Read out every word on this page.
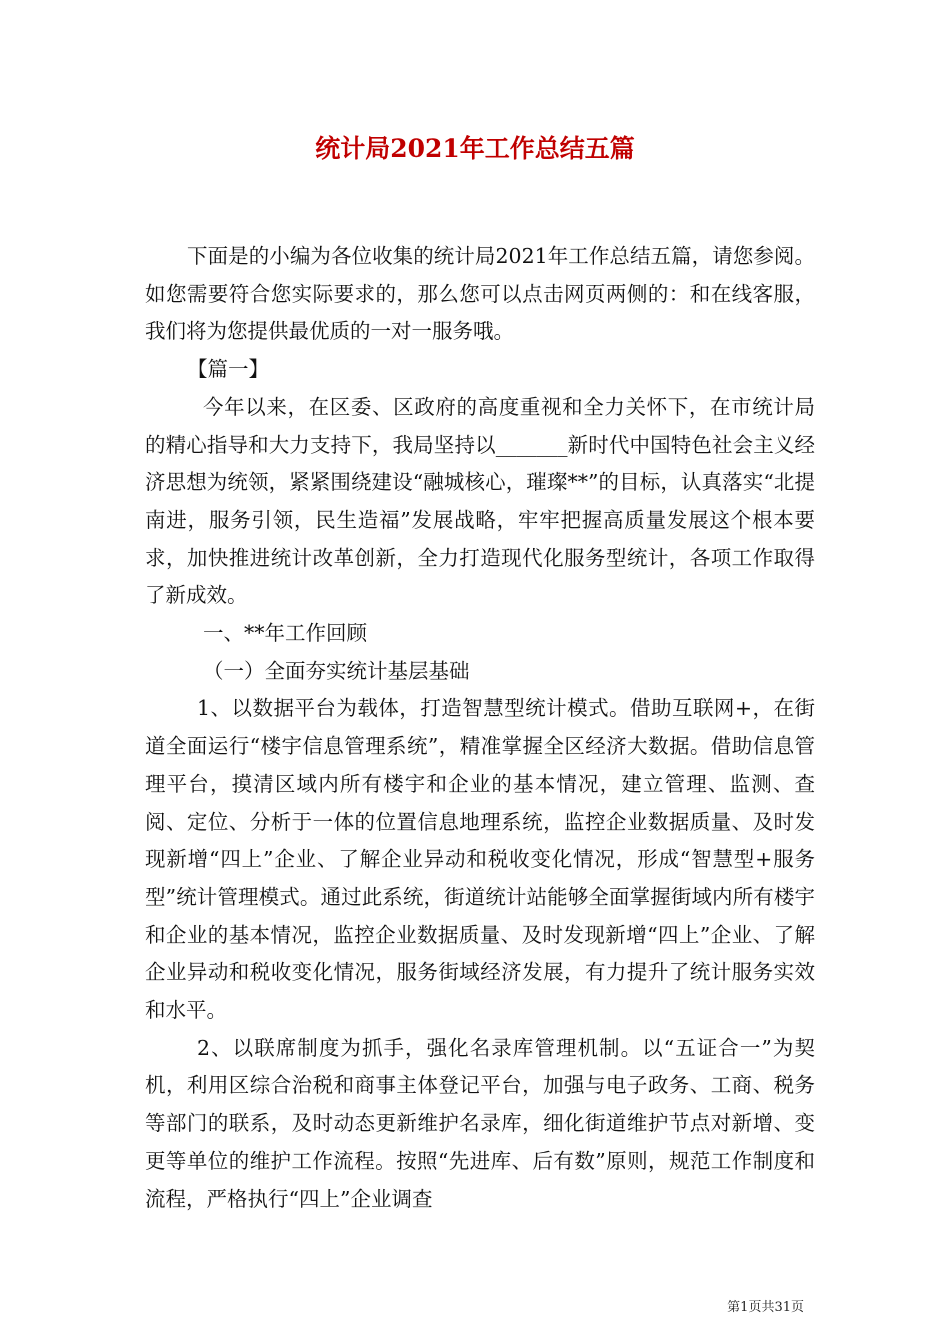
统计局2021年工作总结五篇

下面是的小编为各位收集的统计局2021年工作总结五篇，请您参阅。如您需要符合您实际要求的，那么您可以点击网页两侧的：和在线客服，我们将为您提供最优质的一对一服务哦。

【篇一】

今年以来，在区委、区政府的高度重视和全力关怀下，在市统计局的精心指导和大力支持下，我局坚持以_______新时代中国特色社会主义经济思想为统领，紧紧围绕建设“融城核心，璀璨**”的目标，认真落实“北提南进，服务引领，民生造福”发展战略，牢牢把握高质量发展这个根本要求，加快推进统计改革创新，全力打造现代化服务型统计，各项工作取得了新成效。

一、**年工作回顾

（一）全面夯实统计基层基础

1、以数据平台为载体，打造智慧型统计模式。借助互联网+，在街道全面运行“楼宇信息管理系统”，精准掌握全区经济大数据。借助信息管理平台，摸清区域内所有楼宇和企业的基本情况，建立管理、监测、查阅、定位、分析于一体的位置信息地理系统，监控企业数据质量、及时发现新增“四上”企业、了解企业异动和税收变化情况，形成“智慧型+服务型”统计管理模式。通过此系统，街道统计站能够全面掌握街域内所有楼宇和企业的基本情况，监控企业数据质量、及时发现新增“四上”企业、了解企业异动和税收变化情况，服务街域经济发展，有力提升了统计服务实效和水平。

2、以联席制度为抓手，强化名录库管理机制。以“五证合一”为契机，利用区综合治税和商事主体登记平台，加强与电子政务、工商、税务等部门的联系，及时动态更新维护名录库，细化街道维护节点对新增、变更等单位的维护工作流程。按照“先进库、后有数”原则，规范工作制度和流程，严格执行“四上”企业调查

第1页共31页
